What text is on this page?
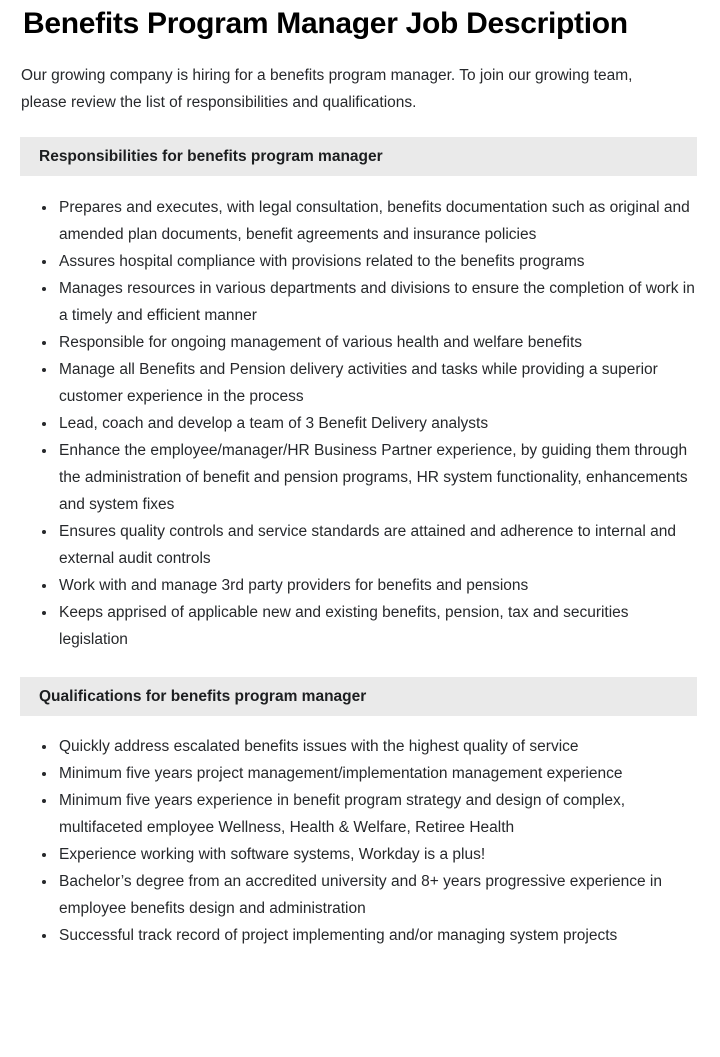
Benefits Program Manager Job Description

Our growing company is hiring for a benefits program manager. To join our growing team, please review the list of responsibilities and qualifications.

Responsibilities for benefits program manager
Prepares and executes, with legal consultation, benefits documentation such as original and amended plan documents, benefit agreements and insurance policies
Assures hospital compliance with provisions related to the benefits programs
Manages resources in various departments and divisions to ensure the completion of work in a timely and efficient manner
Responsible for ongoing management of various health and welfare benefits
Manage all Benefits and Pension delivery activities and tasks while providing a superior customer experience in the process
Lead, coach and develop a team of 3 Benefit Delivery analysts
Enhance the employee/manager/HR Business Partner experience, by guiding them through the administration of benefit and pension programs, HR system functionality, enhancements and system fixes
Ensures quality controls and service standards are attained and adherence to internal and external audit controls
Work with and manage 3rd party providers for benefits and pensions
Keeps apprised of applicable new and existing benefits, pension, tax and securities legislation
Qualifications for benefits program manager
Quickly address escalated benefits issues with the highest quality of service
Minimum five years project management/implementation management experience
Minimum five years experience in benefit program strategy and design of complex, multifaceted employee Wellness, Health & Welfare, Retiree Health
Experience working with software systems, Workday is a plus!
Bachelor’s degree from an accredited university and 8+ years progressive experience in employee benefits design and administration
Successful track record of project implementing and/or managing system projects
